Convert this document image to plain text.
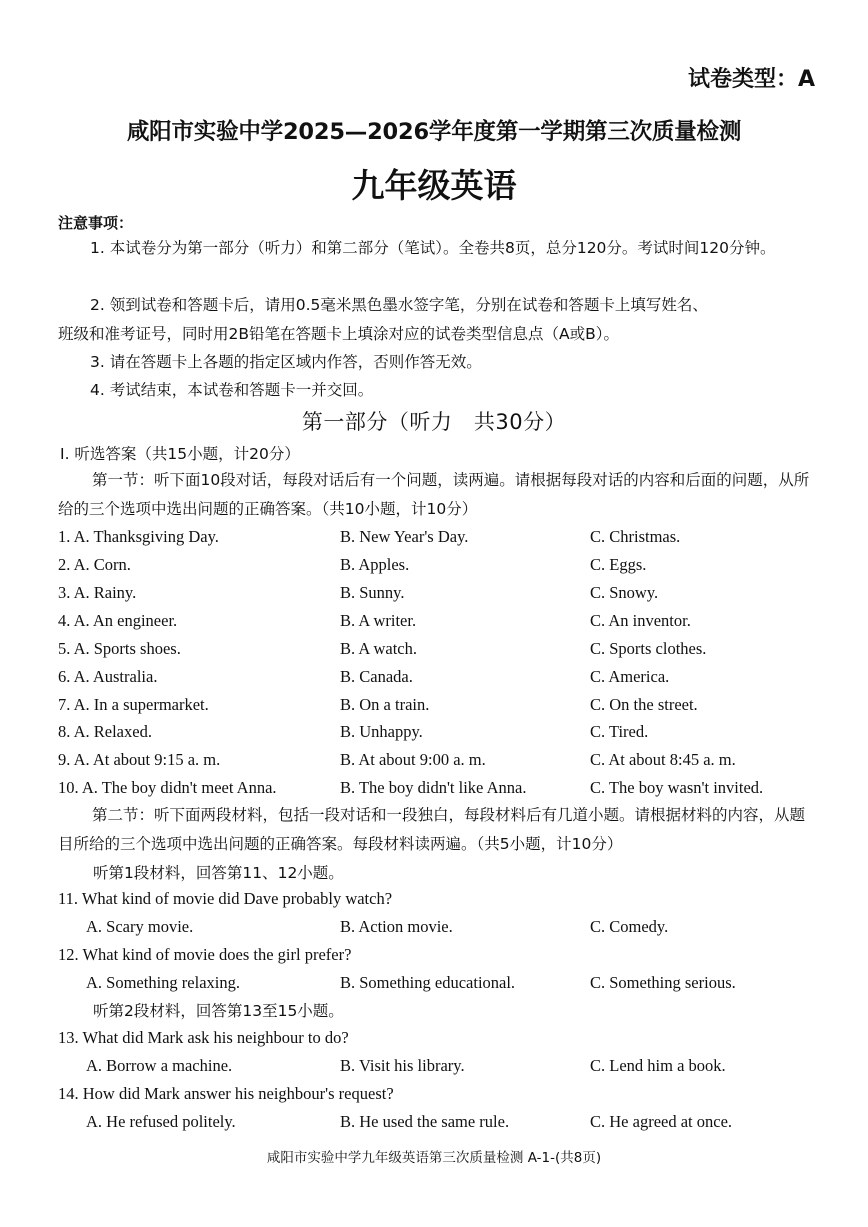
试卷类型：A
咸阳市实验中学2025—2026学年度第一学期第三次质量检测
九年级英语
注意事项：
1. 本试卷分为第一部分（听力）和第二部分（笔试）。全卷共8页，总分120分。考试时间120分钟。
2. 领到试卷和答题卡后，请用0.5毫米黑色墨水签字笔，分别在试卷和答题卡上填写姓名、
班级和准考证号，同时用2B铅笔在答题卡上填涂对应的试卷类型信息点（A或B）。
3. 请在答题卡上各题的指定区域内作答，否则作答无效。
4. 考试结束，本试卷和答题卡一并交回。
第一部分（听力　共30分）
Ⅰ. 听选答案（共15小题，计20分）
第一节：听下面10段对话，每段对话后有一个问题，读两遍。请根据每段对话的内容和后面的问题，从所给的三个选项中选出问题的正确答案。（共10小题，计10分）
1. A. Thanksgiving Day.	B. New Year's Day.	C. Christmas.
2. A. Corn.	B. Apples.	C. Eggs.
3. A. Rainy.	B. Sunny.	C. Snowy.
4. A. An engineer.	B. A writer.	C. An inventor.
5. A. Sports shoes.	B. A watch.	C. Sports clothes.
6. A. Australia.	B. Canada.	C. America.
7. A. In a supermarket.	B. On a train.	C. On the street.
8. A. Relaxed.	B. Unhappy.	C. Tired.
9. A. At about 9:15 a. m.	B. At about 9:00 a. m.	C. At about 8:45 a. m.
10. A. The boy didn't meet Anna.	B. The boy didn't like Anna.	C. The boy wasn't invited.
第二节：听下面两段材料，包括一段对话和一段独白，每段材料后有几道小题。请根据材料的内容，从题目所给的三个选项中选出问题的正确答案。每段材料读两遍。（共5小题，计10分）
听第1段材料，回答第11、12小题。
11. What kind of movie did Dave probably watch?
A. Scary movie.	B. Action movie.	C. Comedy.
12. What kind of movie does the girl prefer?
A. Something relaxing.	B. Something educational.	C. Something serious.
听第2段材料，回答第13至15小题。
13. What did Mark ask his neighbour to do?
A. Borrow a machine.	B. Visit his library.	C. Lend him a book.
14. How did Mark answer his neighbour's request?
A. He refused politely.	B. He used the same rule.	C. He agreed at once.
咸阳市实验中学九年级英语第三次质量检测 A-1-(共8页)
